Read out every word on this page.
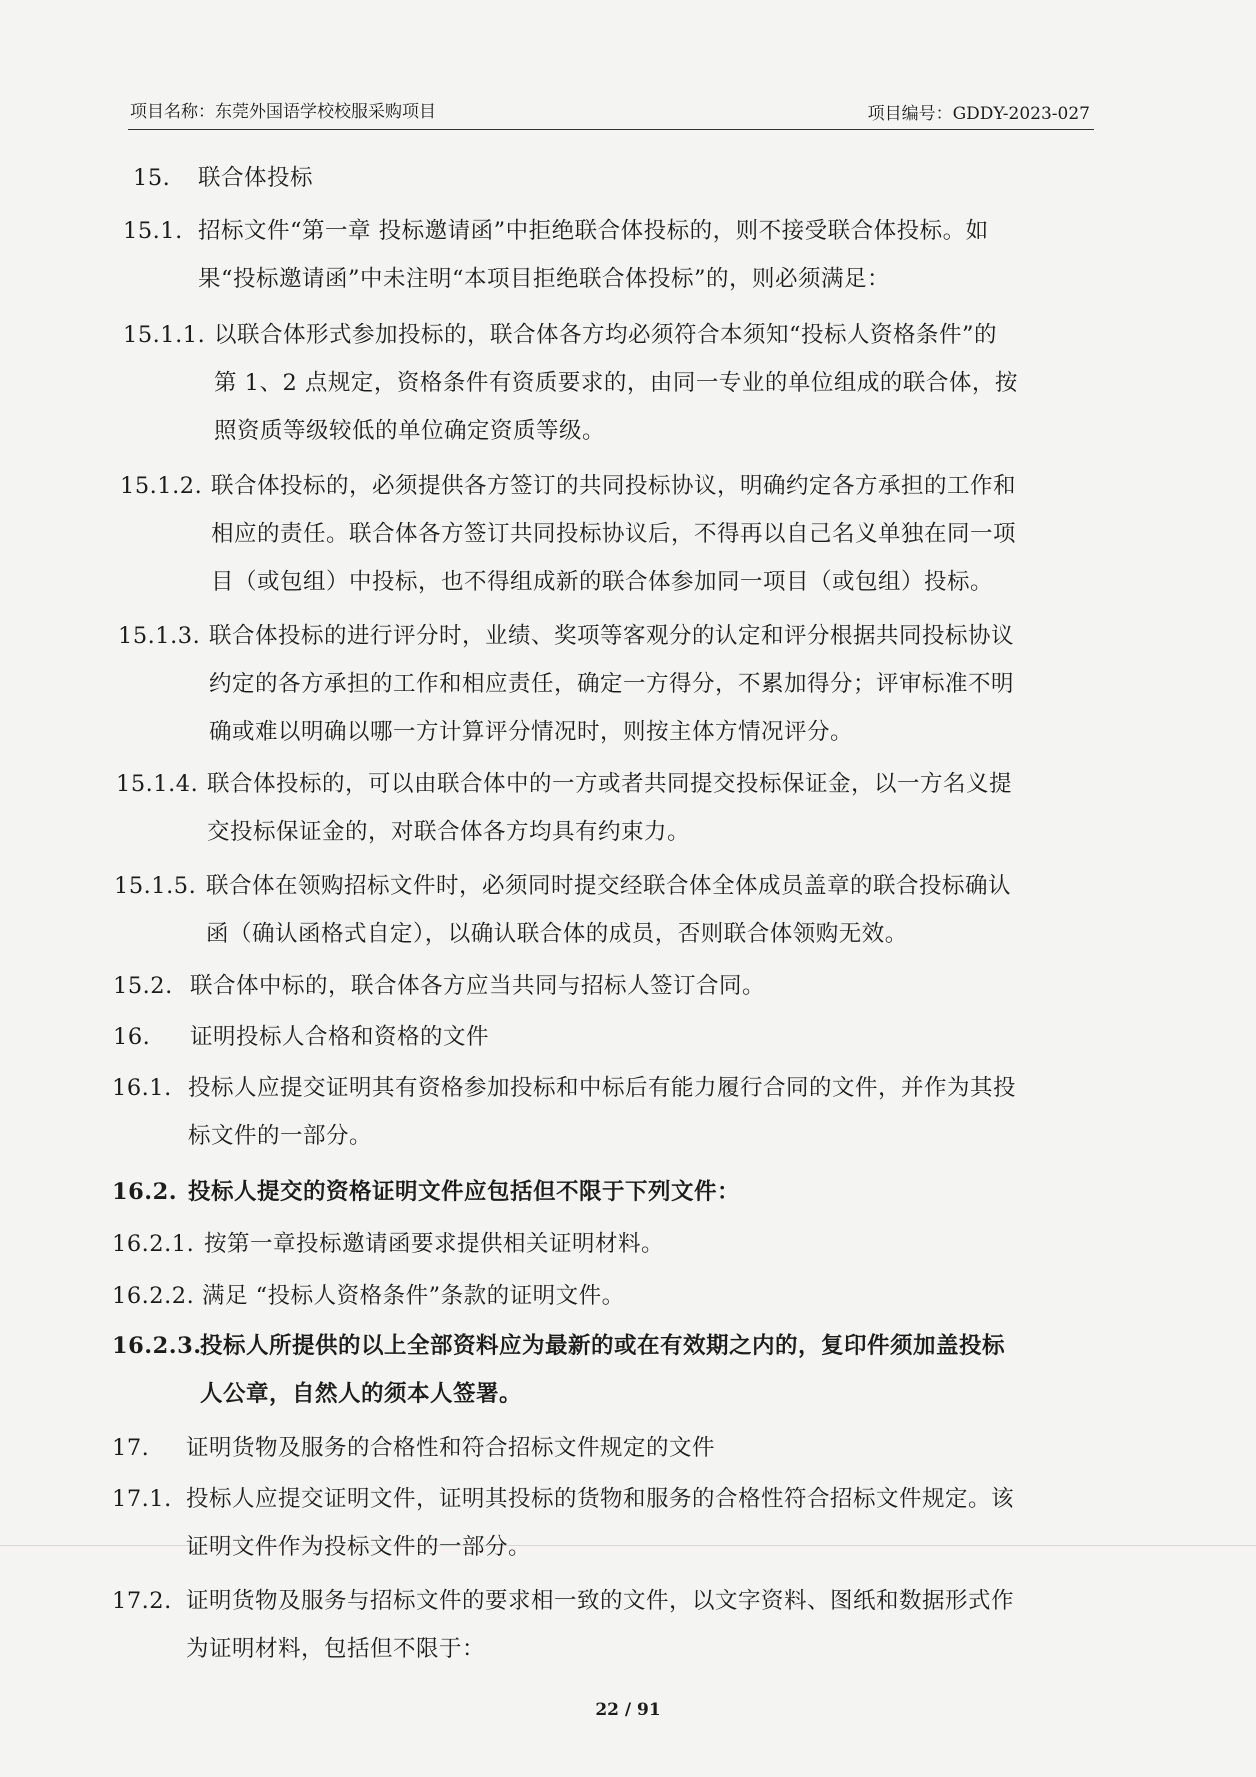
项目名称：东莞外国语学校校服采购项目	项目编号：GDDY-2023-027
15. 联合体投标
15.1. 招标文件“第一章 投标邀请函”中拒绝联合体投标的，则不接受联合体投标。如
果“投标邀请函”中未注明“本项目拒绝联合体投标”的，则必须满足：
15.1.1. 以联合体形式参加投标的，联合体各方均必须符合本须知“投标人资格条件”的
第 1、2 点规定，资格条件有资质要求的，由同一专业的单位组成的联合体，按
照资质等级较低的单位确定资质等级。
15.1.2. 联合体投标的，必须提供各方签订的共同投标协议，明确约定各方承担的工作和
相应的责任。联合体各方签订共同投标协议后，不得再以自己名义单独在同一项
目（或包组）中投标，也不得组成新的联合体参加同一项目（或包组）投标。
15.1.3. 联合体投标的进行评分时，业绩、奖项等客观分的认定和评分根据共同投标协议
约定的各方承担的工作和相应责任，确定一方得分，不累加得分；评审标准不明
确或难以明确以哪一方计算评分情况时，则按主体方情况评分。
15.1.4. 联合体投标的，可以由联合体中的一方或者共同提交投标保证金，以一方名义提
交投标保证金的，对联合体各方均具有约束力。
15.1.5. 联合体在领购招标文件时，必须同时提交经联合体全体成员盖章的联合投标确认
函（确认函格式自定），以确认联合体的成员，否则联合体领购无效。
15.2. 联合体中标的，联合体各方应当共同与招标人签订合同。
16. 证明投标人合格和资格的文件
16.1. 投标人应提交证明其有资格参加投标和中标后有能力履行合同的文件，并作为其投
标文件的一部分。
16.2. 投标人提交的资格证明文件应包括但不限于下列文件：
16.2.1. 按第一章投标邀请函要求提供相关证明材料。
16.2.2. 满足 “投标人资格条件”条款的证明文件。
16.2.3.
投标人所提供的以上全部资料应为最新的或在有效期之内的，复印件须加盖投标
人公章，自然人的须本人签署。
17. 证明货物及服务的合格性和符合招标文件规定的文件
17.1. 投标人应提交证明文件，证明其投标的货物和服务的合格性符合招标文件规定。该
证明文件作为投标文件的一部分。
17.2. 证明货物及服务与招标文件的要求相一致的文件，以文字资料、图纸和数据形式作
为证明材料，包括但不限于：
22 / 91
